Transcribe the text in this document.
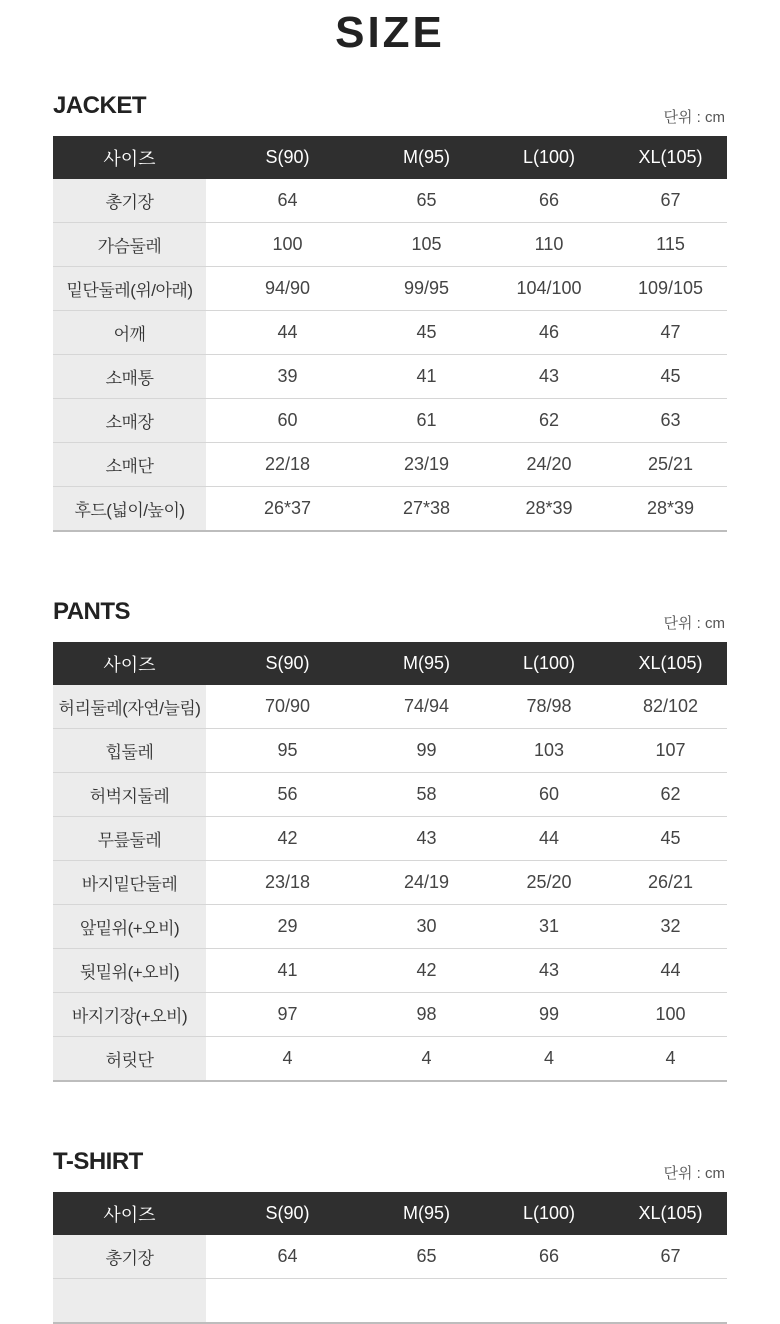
SIZE
JACKET	단위 : cm
사이즈	S(90)	M(95)	L(100)	XL(105)
총기장	64	65	66	67
가슴둘레	100	105	110	115
밑단둘레(위/아래)	94/90	99/95	104/100	109/105
어깨	44	45	46	47
소매통	39	41	43	45
소매장	60	61	62	63
소매단	22/18	23/19	24/20	25/21
후드(넓이/높이)	26*37	27*38	28*39	28*39
PANTS	단위 : cm
사이즈	S(90)	M(95)	L(100)	XL(105)
허리둘레(자연/늘림)	70/90	74/94	78/98	82/102
힙둘레	95	99	103	107
허벅지둘레	56	58	60	62
무릎둘레	42	43	44	45
바지밑단둘레	23/18	24/19	25/20	26/21
앞밑위(+오비)	29	30	31	32
뒷밑위(+오비)	41	42	43	44
바지기장(+오비)	97	98	99	100
허릿단	4	4	4	4
T-SHIRT	단위 : cm
사이즈	S(90)	M(95)	L(100)	XL(105)
총기장	64	65	66	67
